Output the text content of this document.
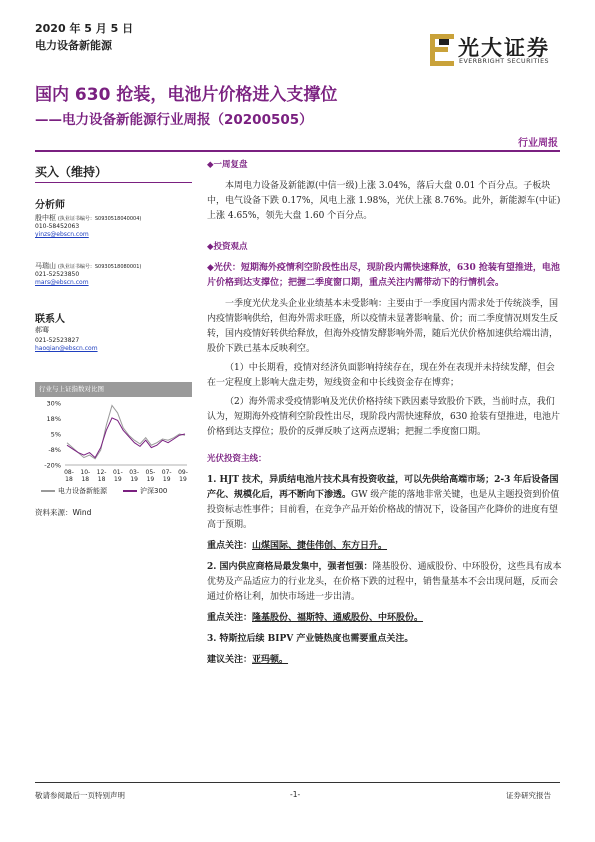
2020 年 5 月 5 日
电力设备新能源	光大证券
EVERBRIGHT SECURITIES
国内 630 抢装，电池片价格进入支撑位
——电力设备新能源行业周报（20200505）
行业周报
买入（维持）
分析师
殷中枢 (执业证书编号：S0930518040004)
010-58452063
yinzs@ebscn.com
马瑞山 (执业证书编号：S0930518080001)
021-52523850
mars@ebscn.com
联系人
郝骞
021-52523827
haoqian@ebscn.com
行业与上证指数对比图
30%
18%
5%
-8%
-20%
08-
18
10-
18
12-
18
01-
19
03-
19
05-
19
07-
19
09-
19
电力设备新能源	沪深300
资料来源：Wind
◆一周复盘

本周电力设备及新能源(中信一级)上涨 3.04%，落后大盘 0.01 个百分点。子板块中，电气设备下跌 0.17%，风电上涨 1.98%，光伏上涨 8.76%。此外，新能源车(中证)上涨 4.65%，领先大盘 1.60 个百分点。

◆投资观点

◆光伏：短期海外疫情利空阶段性出尽，现阶段内需快速释放，630 抢装有望推进，电池片价格到达支撑位；把握二季度窗口期，重点关注内需带动下的行情机会。

一季度光伏龙头企业业绩基本未受影响：主要由于一季度国内需求处于传统淡季，国内疫情影响供给，但海外需求旺盛，所以疫情未显著影响量、价；而二季度情况则发生反转，国内疫情好转供给释放，但海外疫情发酵影响外需，随后光伏价格加速供给端出清，股价下跌已基本反映利空。

（1）中长期看，疫情对经济负面影响持续存在，现在外在表现并未持续发酵，但会在一定程度上影响大盘走势，短线资金和中长线资金存在博弈；

（2）海外需求受疫情影响及光伏价格持续下跌因素导致股价下跌，当前时点，我们认为，短期海外疫情利空阶段性出尽，现阶段内需快速释放，630 抢装有望推进，电池片价格到达支撑位；股价的反弹反映了这两点逻辑；把握二季度窗口期。

光伏投资主线：

1. HJT 技术，异质结电池片技术具有投资收益，可以先供给高端市场；2-3 年后设备国产化、规模化后，再不断向下渗透。GW 级产能的落地非常关键，也是从主题投资到价值投资标志性事件；目前看，在竞争产品开始价格战的情况下，设备国产化降价的进度有望高于预期。

重点关注：山煤国际、捷佳伟创、东方日升。

2. 国内供应商格局最发集中，强者恒强：隆基股份、通威股份、中环股份，这些具有成本优势及产品适应力的行业龙头，在价格下跌的过程中，销售量基本不会出现问题，反而会通过价格让利，加快市场进一步出清。

重点关注：隆基股份、福斯特、通威股份、中环股份。

3. 特斯拉后续 BIPV 产业链热度也需要重点关注。

建议关注：亚玛顿。

敬请参阅最后一页特别声明	-1-	证券研究报告
